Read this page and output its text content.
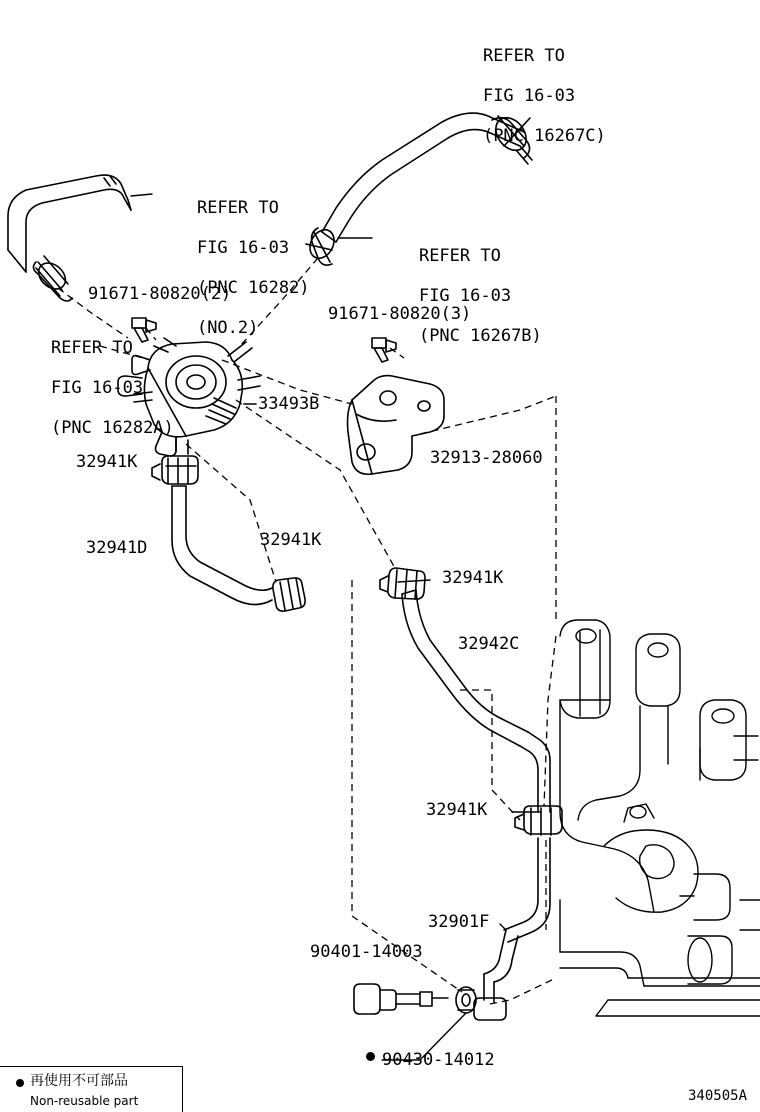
REFER TO

FIG 16-03

(PNC 16267C)

REFER TO

FIG 16-03

(PNC 16282)

(NO.2)

REFER TO

FIG 16-03

(PNC 16267B)

REFER TO

FIG 16-03

(PNC 16282A)

91671-80820(2)
91671-80820(3)
33493B
32913-28060
32941K
32941D	32941K
32941K
32942C
32941K
32901F
90401-14003
90430-14012
再使用不可部品
Non-reusable part	340505A
